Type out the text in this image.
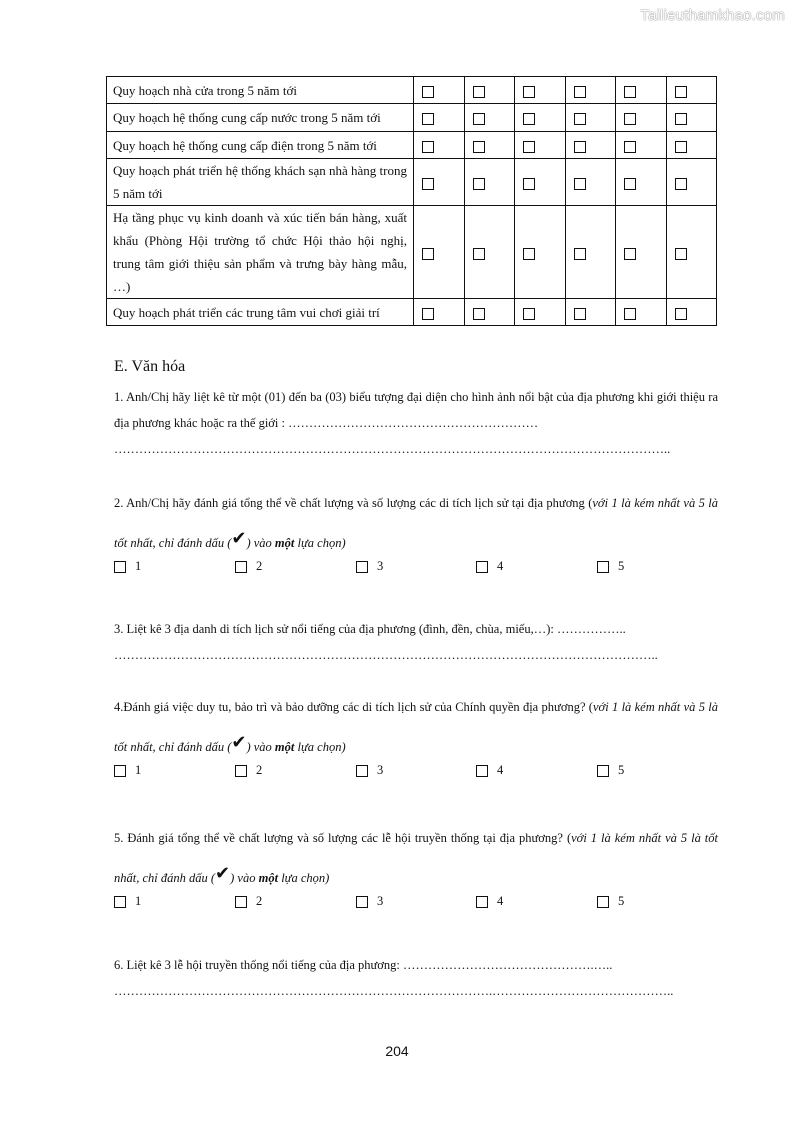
Tailieuthamkhao.com
Quy hoạch nhà cửa trong 5 năm tới						
Quy hoạch hệ thống cung cấp nước trong 5 năm tới						
Quy hoạch hệ thống cung cấp điện trong 5 năm tới						
Quy hoạch phát triển hệ thống khách sạn nhà hàng trong 5 năm tới						
Hạ tầng phục vụ kinh doanh và xúc tiến bán hàng, xuất khẩu (Phòng Hội trường tổ chức Hội thảo hội nghị, trung tâm giới thiệu sản phẩm và trưng bày hàng mẫu, …)						
Quy hoạch phát triển các trung tâm vui chơi giải trí						
E. Văn hóa
1. Anh/Chị hãy liệt kê từ một (01) đến ba (03) biểu tượng đại diện cho hình ảnh nổi bật của địa phương khi giới thiệu ra địa phương khác hoặc ra thế giới : ……………………………………………………
……………………………………………………………………………………………………………………..
2. Anh/Chị hãy đánh giá tổng thể về chất lượng và số lượng các di tích lịch sử tại địa phương (với 1 là kém nhất và 5 là tốt nhất, chỉ đánh dấu (✔) vào một lựa chọn)
1	2	3	4	5
3. Liệt kê 3 địa danh di tích lịch sử nổi tiếng của địa phương (đình, đền, chùa, miếu,…): ……………..
…………………………………………………………………………………………………………………..
4.Đánh giá việc duy tu, bảo trì và bảo dưỡng các di tích lịch sử của Chính quyền địa phương? (với 1 là kém nhất và 5 là tốt nhất, chỉ đánh dấu (✔) vào một lựa chọn)
1	2	3	4	5
5. Đánh giá tổng thể về chất lượng và số lượng các lễ hội truyền thống tại địa phương? (với 1 là kém nhất và 5 là tốt nhất, chỉ đánh dấu (✔) vào một lựa chọn)
1	2	3	4	5
6. Liệt kê 3 lễ hội truyền thống nổi tiếng của địa phương: ……………………………………….…..
……………………………………………………………………………….……………………………………..
204
